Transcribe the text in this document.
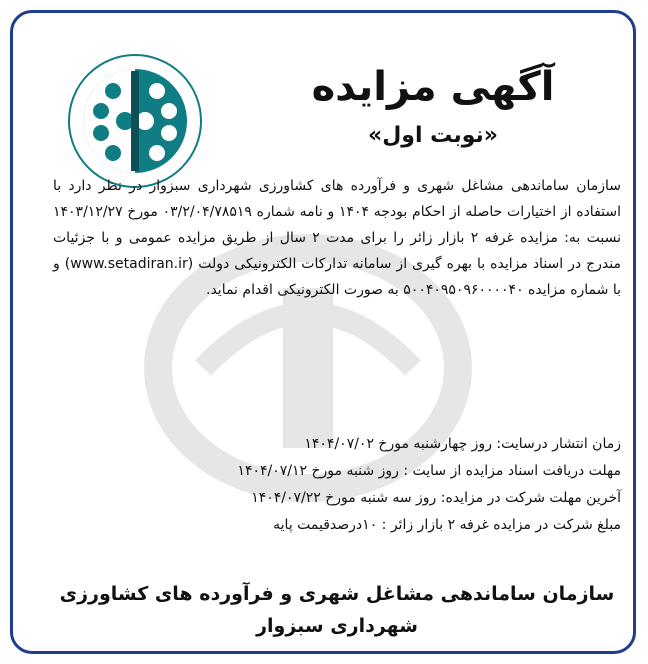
آگهی مزایده
«نوبت اول»

سازمان ساماندهی مشاغل شهری و فرآورده های کشاورزی شهرداری سبزوار در نظر دارد با استفاده از اختیارات حاصله از احکام بودجه ۱۴۰۴ و نامه شماره ۰۳/۲/۰۴/۷۸۵۱۹ مورخ ۱۴۰۳/۱۲/۲۷ نسبت به: مزایده غرفه ۲ بازار زائر را برای مدت ۲ سال از طریق مزایده عمومی و با جزئیات مندرج در اسناد مزایده با بهره گیری از سامانه تدارکات الکترونیکی دولت (www.setadiran.ir) و با شماره مزایده ۵۰۰۴۰۹۵۰۹۶۰۰۰۰۴۰ به صورت الکترونیکی اقدام نماید.

زمان انتشار درسایت: روز چهارشنبه مورخ ۱۴۰۴/۰۷/۰۲
مهلت دریافت اسناد مزایده از سایت : روز شنبه مورخ ۱۴۰۴/۰۷/۱۲
آخرین مهلت شرکت در مزایده: روز سه شنبه مورخ ۱۴۰۴/۰۷/۲۲
مبلغ شرکت در مزایده غرفه ۲ بازار زائر : ۱۰درصدقیمت پایه
سازمان ساماندهی مشاغل شهری و فرآورده های کشاورزی
شهرداری سبزوار
